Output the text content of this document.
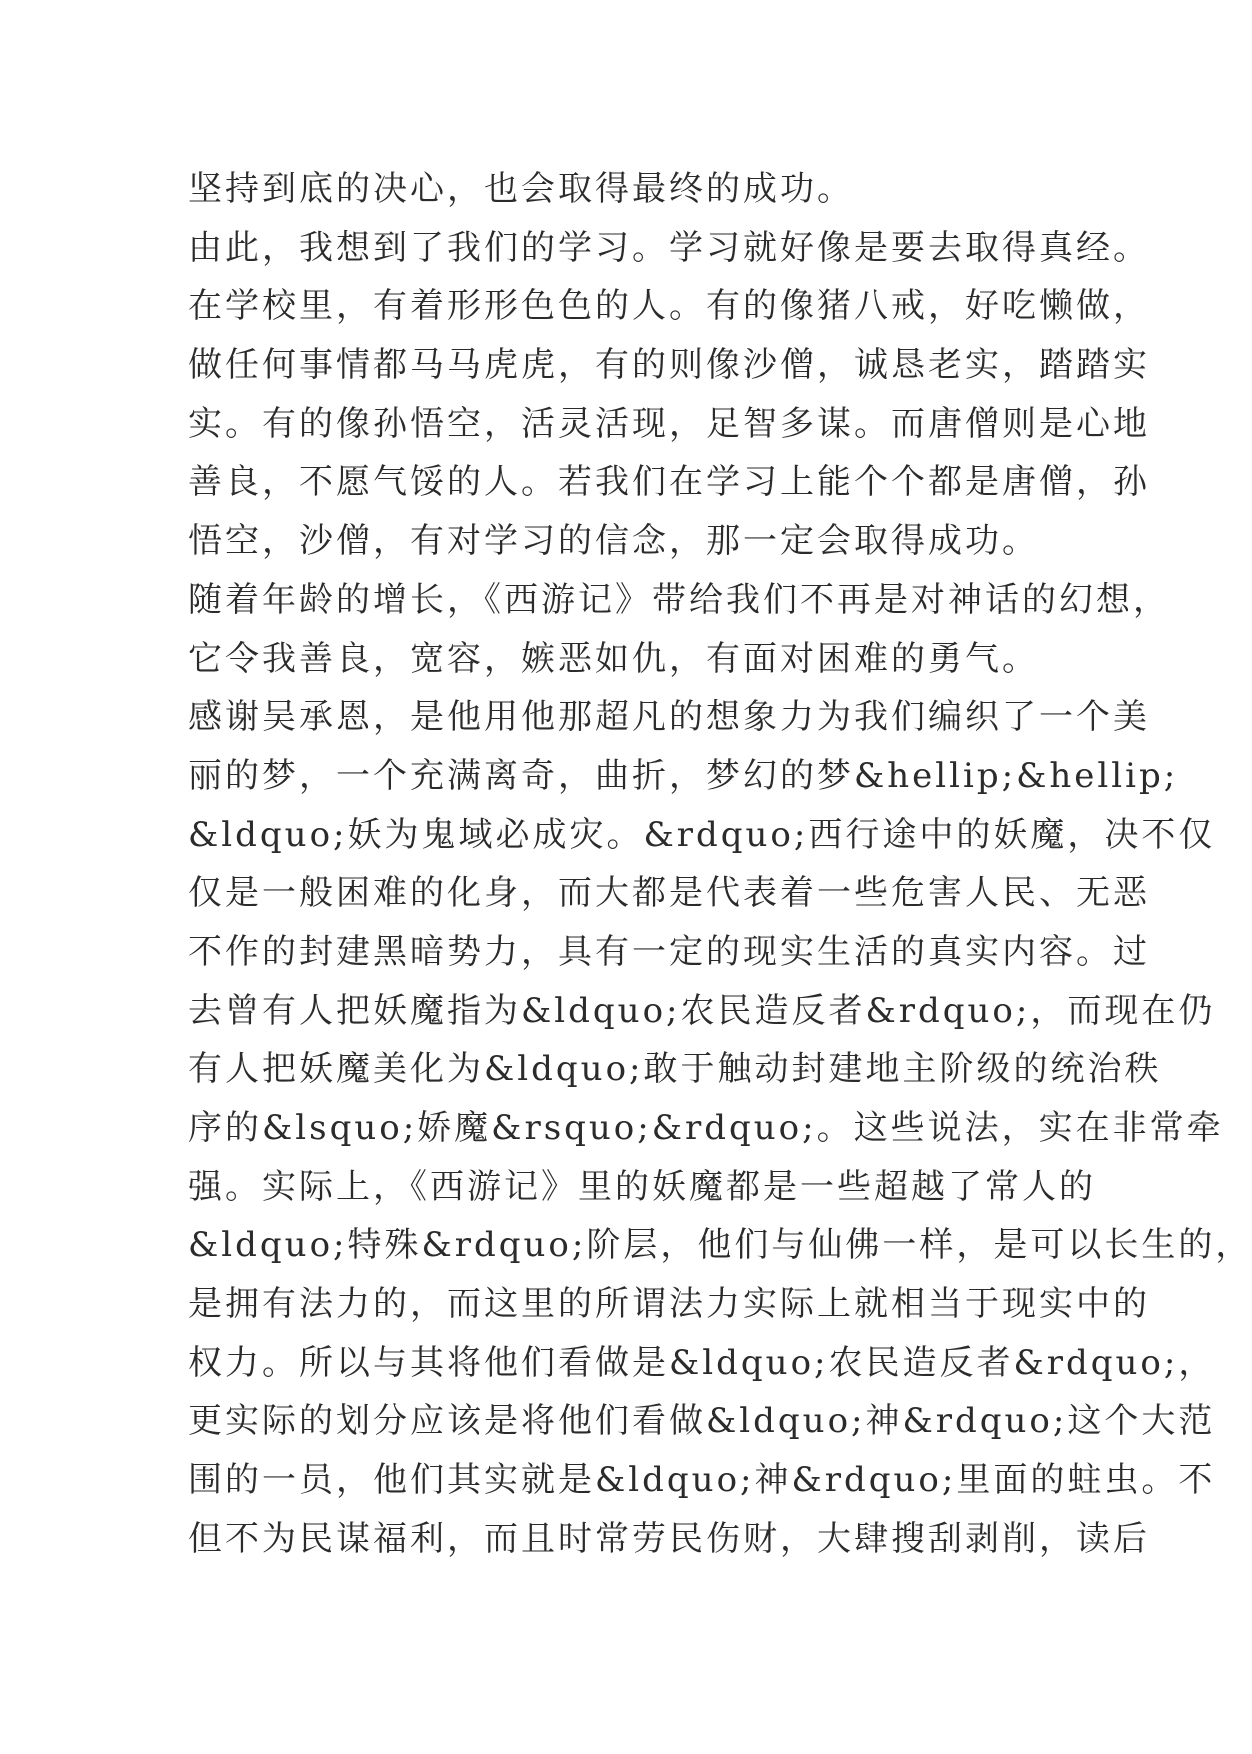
坚持到底的决心，也会取得最终的成功。
由此，我想到了我们的学习。学习就好像是要去取得真经。
在学校里，有着形形色色的人。有的像猪八戒，好吃懒做，
做任何事情都马马虎虎，有的则像沙僧，诚恳老实，踏踏实
实。有的像孙悟空，活灵活现，足智多谋。而唐僧则是心地
善良，不愿气馁的人。若我们在学习上能个个都是唐僧，孙
悟空，沙僧，有对学习的信念，那一定会取得成功。
随着年龄的增长，《西游记》带给我们不再是对神话的幻想，
它令我善良，宽容，嫉恶如仇，有面对困难的勇气。
感谢吴承恩，是他用他那超凡的想象力为我们编织了一个美
丽的梦，一个充满离奇，曲折，梦幻的梦&hellip;&hellip;
&ldquo;妖为鬼域必成灾。&rdquo;西行途中的妖魔，决不仅
仅是一般困难的化身，而大都是代表着一些危害人民、无恶
不作的封建黑暗势力，具有一定的现实生活的真实内容。过
去曾有人把妖魔指为&ldquo;农民造反者&rdquo;，而现在仍
有人把妖魔美化为&ldquo;敢于触动封建地主阶级的统治秩
序的&lsquo;娇魔&rsquo;&rdquo;。这些说法，实在非常牵
强。实际上，《西游记》里的妖魔都是一些超越了常人的
&ldquo;特殊&rdquo;阶层，他们与仙佛一样，是可以长生的，
是拥有法力的，而这里的所谓法力实际上就相当于现实中的
权力。所以与其将他们看做是&ldquo;农民造反者&rdquo;，
更实际的划分应该是将他们看做&ldquo;神&rdquo;这个大范
围的一员，他们其实就是&ldquo;神&rdquo;里面的蛀虫。不
但不为民谋福利，而且时常劳民伤财，大肆搜刮剥削，读后
